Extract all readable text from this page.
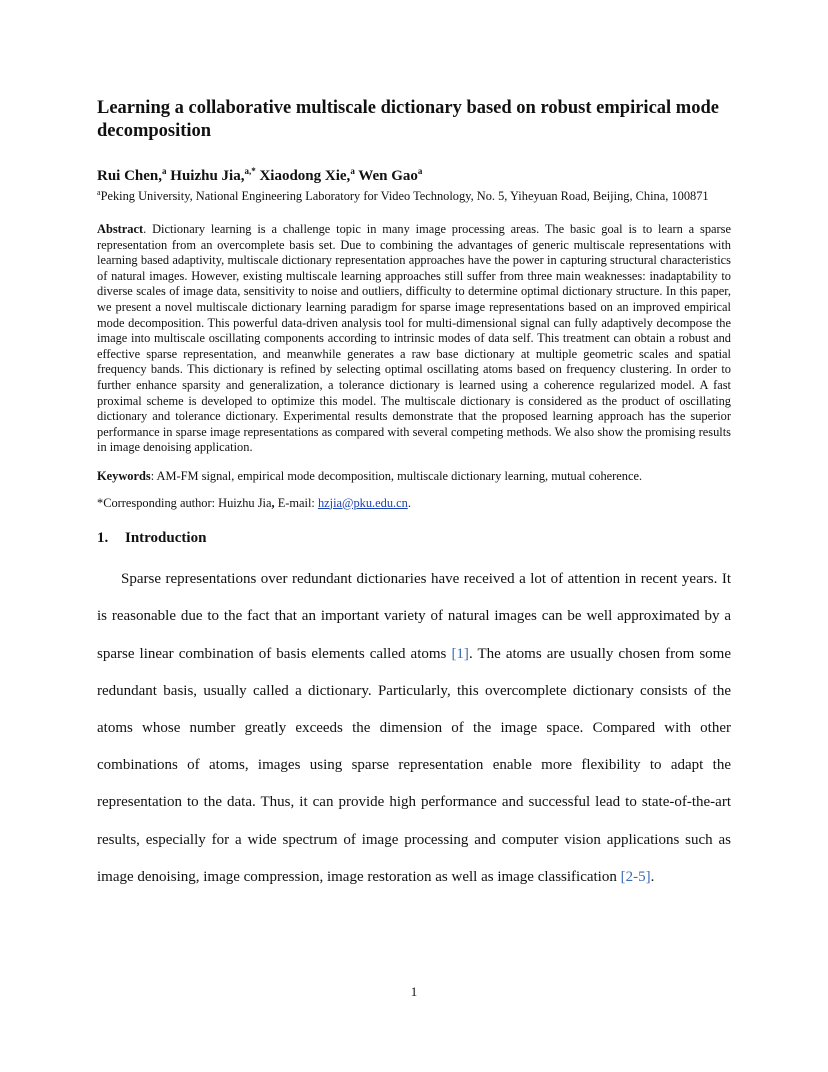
Learning a collaborative multiscale dictionary based on robust empirical mode decomposition
Rui Chen,$^a$ Huizhu Jia,$^{a,*}$ Xiaodong Xie,$^a$ Wen Gao$^a$
$^a$Peking University, National Engineering Laboratory for Video Technology, No. 5, Yiheyuan Road, Beijing, China, 100871
Abstract. Dictionary learning is a challenge topic in many image processing areas. The basic goal is to learn a sparse representation from an overcomplete basis set. Due to combining the advantages of generic multiscale representations with learning based adaptivity, multiscale dictionary representation approaches have the power in capturing structural characteristics of natural images. However, existing multiscale learning approaches still suffer from three main weaknesses: inadaptability to diverse scales of image data, sensitivity to noise and outliers, difficulty to determine optimal dictionary structure. In this paper, we present a novel multiscale dictionary learning paradigm for sparse image representations based on an improved empirical mode decomposition. This powerful data-driven analysis tool for multi-dimensional signal can fully adaptively decompose the image into multiscale oscillating components according to intrinsic modes of data self. This treatment can obtain a robust and effective sparse representation, and meanwhile generates a raw base dictionary at multiple geometric scales and spatial frequency bands. This dictionary is refined by selecting optimal oscillating atoms based on frequency clustering. In order to further enhance sparsity and generalization, a tolerance dictionary is learned using a coherence regularized model. A fast proximal scheme is developed to optimize this model. The multiscale dictionary is considered as the product of oscillating dictionary and tolerance dictionary. Experimental results demonstrate that the proposed learning approach has the superior performance in sparse image representations as compared with several competing methods. We also show the promising results in image denoising application.
Keywords: AM-FM signal, empirical mode decomposition, multiscale dictionary learning, mutual coherence.
*Corresponding author: Huizhu Jia, E-mail: hzjia@pku.edu.cn.
1. Introduction

Sparse representations over redundant dictionaries have received a lot of attention in recent years. It is reasonable due to the fact that an important variety of natural images can be well approximated by a sparse linear combination of basis elements called atoms [1]. The atoms are usually chosen from some redundant basis, usually called a dictionary. Particularly, this overcomplete dictionary consists of the atoms whose number greatly exceeds the dimension of the image space. Compared with other combinations of atoms, images using sparse representation enable more flexibility to adapt the representation to the data. Thus, it can provide high performance and successful lead to state-of-the-art results, especially for a wide spectrum of image processing and computer vision applications such as image denoising, image compression, image restoration as well as image classification [2-5].

1
